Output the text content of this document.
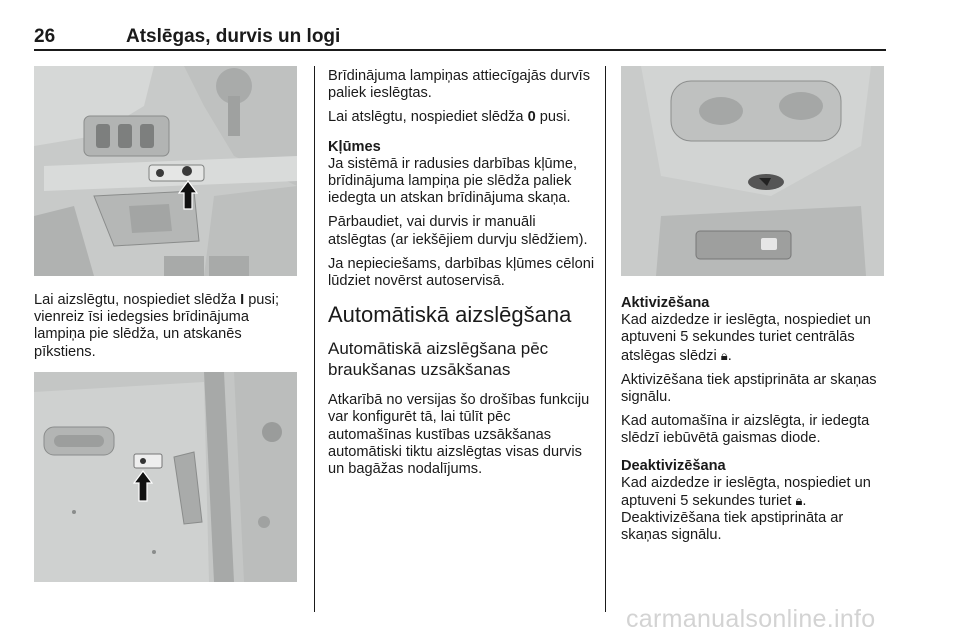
26	Atslēgas, durvis un logi

Lai aizslēgtu, nospiediet slēdža I pusi; vienreiz īsi iedegsies brīdinājuma lampiņa pie slēdža, un atskanēs pīkstiens.

Brīdinājuma lampiņas attiecīgajās durvīs paliek ieslēgtas.

Lai atslēgtu, nospiediet slēdža 0 pusi.

Kļūmes

Ja sistēmā ir radusies darbības kļūme, brīdinājuma lampiņa pie slēdža paliek iedegta un atskan brīdinājuma skaņa.

Pārbaudiet, vai durvis ir manuāli atslēgtas (ar iekšējiem durvju slēdžiem).

Ja nepieciešams, darbības kļūmes cēloni lūdziet novērst autoservisā.

Automātiskā aizslēgšana
Automātiskā aizslēgšana pēc braukšanas uzsākšanas

Atkarībā no versijas šo drošības funkciju var konfigurēt tā, lai tūlīt pēc automašīnas kustības uzsākšanas automātiski tiktu aizslēgtas visas durvis un bagāžas nodalījums.

Aktivizēšana

Kad aizdedze ir ieslēgta, nospiediet un aptuveni 5 sekundes turiet centrālās atslēgas slēdzi 🔒︎.

Aktivizēšana tiek apstiprināta ar skaņas signālu.

Kad automašīna ir aizslēgta, ir iedegta slēdzī iebūvētā gaismas diode.

Deaktivizēšana

Kad aizdedze ir ieslēgta, nospiediet un aptuveni 5 sekundes turiet 🔒︎.

Deaktivizēšana tiek apstiprināta ar skaņas signālu.

carmanualsonline.info
